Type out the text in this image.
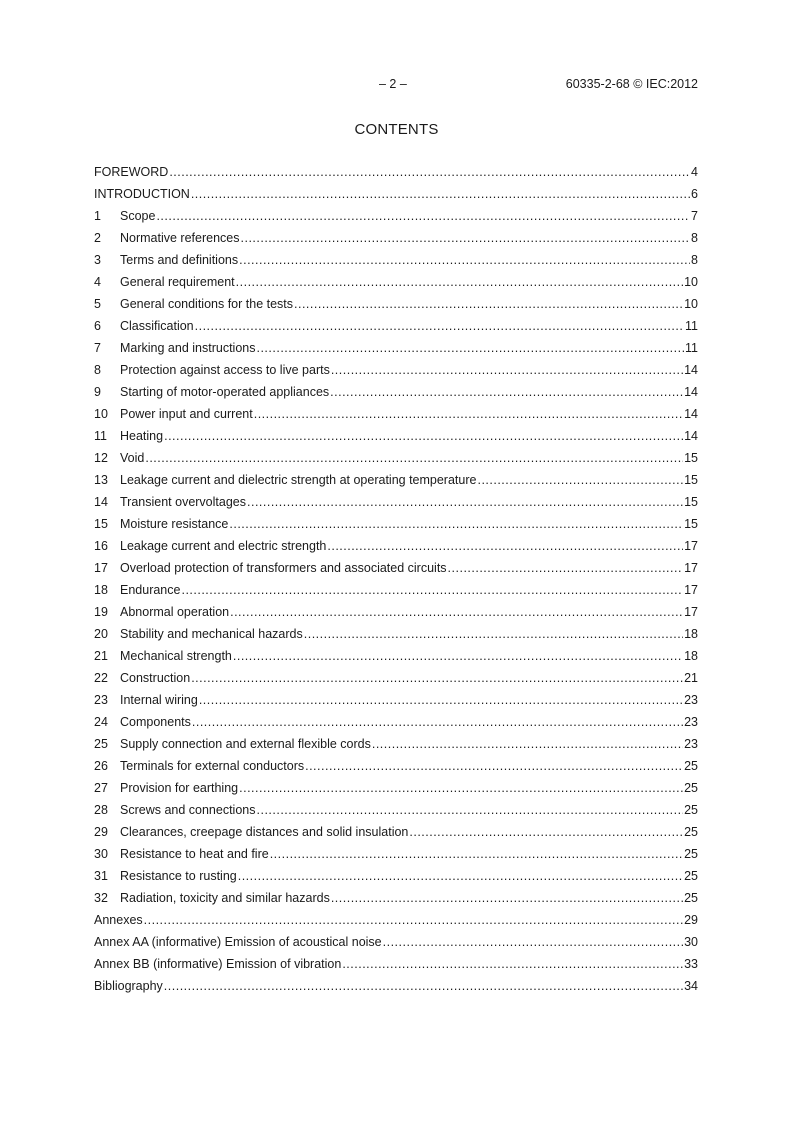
– 2 –	60335-2-68 © IEC:2012
CONTENTS
FOREWORD .....	4
INTRODUCTION .....	6
1	Scope .....	7
2	Normative references .....	8
3	Terms and definitions .....	8
4	General requirement .....	10
5	General conditions for the tests .....	10
6	Classification .....	11
7	Marking and instructions .....	11
8	Protection against access to live parts .....	14
9	Starting of motor-operated appliances .....	14
10 Power input and current .....	14
11	Heating .....	14
12 Void .....	15
13 Leakage current and dielectric strength at operating temperature .....	15
14 Transient overvoltages .....	15
15 Moisture resistance .....	15
16 Leakage current and electric strength .....	17
17 Overload protection of transformers and associated circuits .....	17
18 Endurance .....	17
19 Abnormal operation .....	17
20 Stability and mechanical hazards .....	18
21 Mechanical strength .....	18
22 Construction .....	21
23 Internal wiring .....	23
24 Components .....	23
25 Supply connection and external flexible cords .....	23
26 Terminals for external conductors .....	25
27 Provision for earthing .....	25
28 Screws and connections .....	25
29 Clearances, creepage distances and solid insulation .....	25
30 Resistance to heat and fire .....	25
31 Resistance to rusting .....	25
32 Radiation, toxicity and similar hazards .....	25
Annexes .....	29
Annex AA (informative) Emission of acoustical noise .....	30
Annex BB (informative) Emission of vibration .....	33
Bibliography .....	34
